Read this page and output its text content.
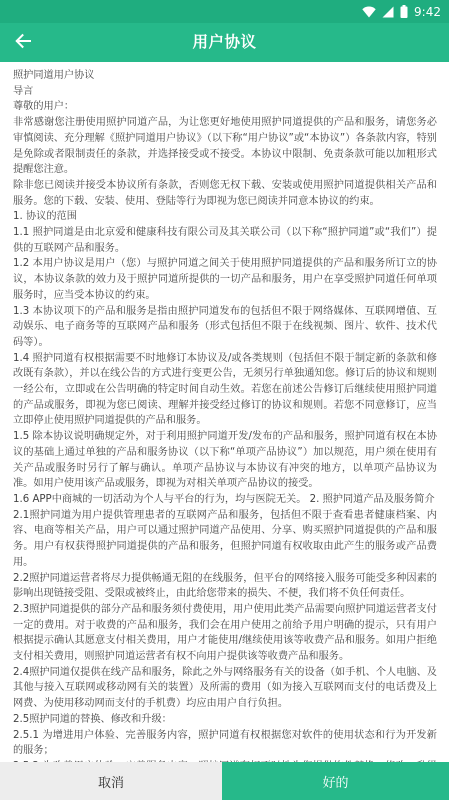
9:42
用户协议

照护同道用户协议

导言

尊敬的用户：

非常感谢您注册使用照护同道产品，为让您更好地使用照护同道提供的产品和服务，请您务必审慎阅读、充分理解《照护同道用户协议》（以下称“用户协议”或“本协议”）各条款内容，特别是免除或者限制责任的条款，并选择接受或不接受。本协议中限制、免责条款可能以加粗形式提醒您注意。

除非您已阅读并接受本协议所有条款，否则您无权下载、安装或使用照护同道提供相关产品和服务。您的下载、安装、使用、登陆等行为即视为您已阅读并同意本协议的约束。

1. 协议的范围

1.1 照护同道是由北京爱和健康科技有限公司及其关联公司（以下称“照护同道”或“我们”）提供的互联网产品和服务。

1.2 本用户协议是用户（您）与照护同道之间关于使用照护同道提供的产品和服务所订立的协议，本协议条款的效力及于照护同道所提供的一切产品和服务，用户在享受照护同道任何单项服务时，应当受本协议的约束。

1.3 本协议项下的产品和服务是指由照护同道发布的包括但不限于网络媒体、互联网增值、互动娱乐、电子商务等的互联网产品和服务（形式包括但不限于在线视频、图片、软件、技术代码等）。

1.4 照护同道有权根据需要不时地修订本协议及/或各类规则（包括但不限于制定新的条款和修改既有条款），并以在线公告的方式进行变更公告，无须另行单独通知您。修订后的协议和规则一经公布，立即或在公告明确的特定时间自动生效。若您在前述公告修订后继续使用照护同道的产品或服务，即视为您已阅读、理解并接受经过修订的协议和规则。若您不同意修订，应当立即停止使用照护同道提供的产品和服务。

1.5 除本协议说明确规定外，对于利用照护同道开发/发布的产品和服务，照护同道有权在本协议的基础上通过单独的产品和服务协议（以下称“单项产品协议”）加以规范，用户须在使用有关产品或服务时另行了解与确认。单项产品协议与本协议有冲突的地方，以单项产品协议为准。如用户使用该产品或服务，即视为对相关单项产品协议的接受。

1.6 APP中商城的一切活动为个人与平台的行为，均与医院无关。 2. 照护同道产品及服务简介

2.1照护同道为用户提供管理患者的互联网产品和服务，包括但不限于查看患者健康档案、内容、电商等相关产品，用户可以通过照护同道产品使用、分享、购买照护同道提供的产品和服务。用户有权获得照护同道提供的产品和服务，但照护同道有权收取由此产生的服务或产品费用。

2.2照护同道运营者将尽力提供畅通无阻的在线服务，但平台的网络接入服务可能受多种因素的影响出现链接受阻、受限或被终止，由此给您带来的损失、不便，我们将不负任何责任。

2.3照护同道提供的部分产品和服务须付费使用，用户使用此类产品需要向照护同道运营者支付一定的费用。对于收费的产品和服务，我们会在用户使用之前给予用户明确的提示，只有用户根据提示确认其愿意支付相关费用，用户才能使用/继续使用该等收费产品和服务。如用户拒绝支付相关费用，则照护同道运营者有权不向用户提供该等收费产品和服务。

2.4照护同道仅提供在线产品和服务，除此之外与网络服务有关的设备（如手机、个人电脑、及其他与接入互联网或移动网有关的装置）及所需的费用（如为接入互联网而支付的电话费及上网费、为使用移动网而支付的手机费）均应由用户自行负担。

2.5照护同道的替换、修改和升级：

2.5.1 为增进用户体验、完善服务内容，照护同道有权根据您对软件的使用状态和行为开发新的服务；

取消	好的
